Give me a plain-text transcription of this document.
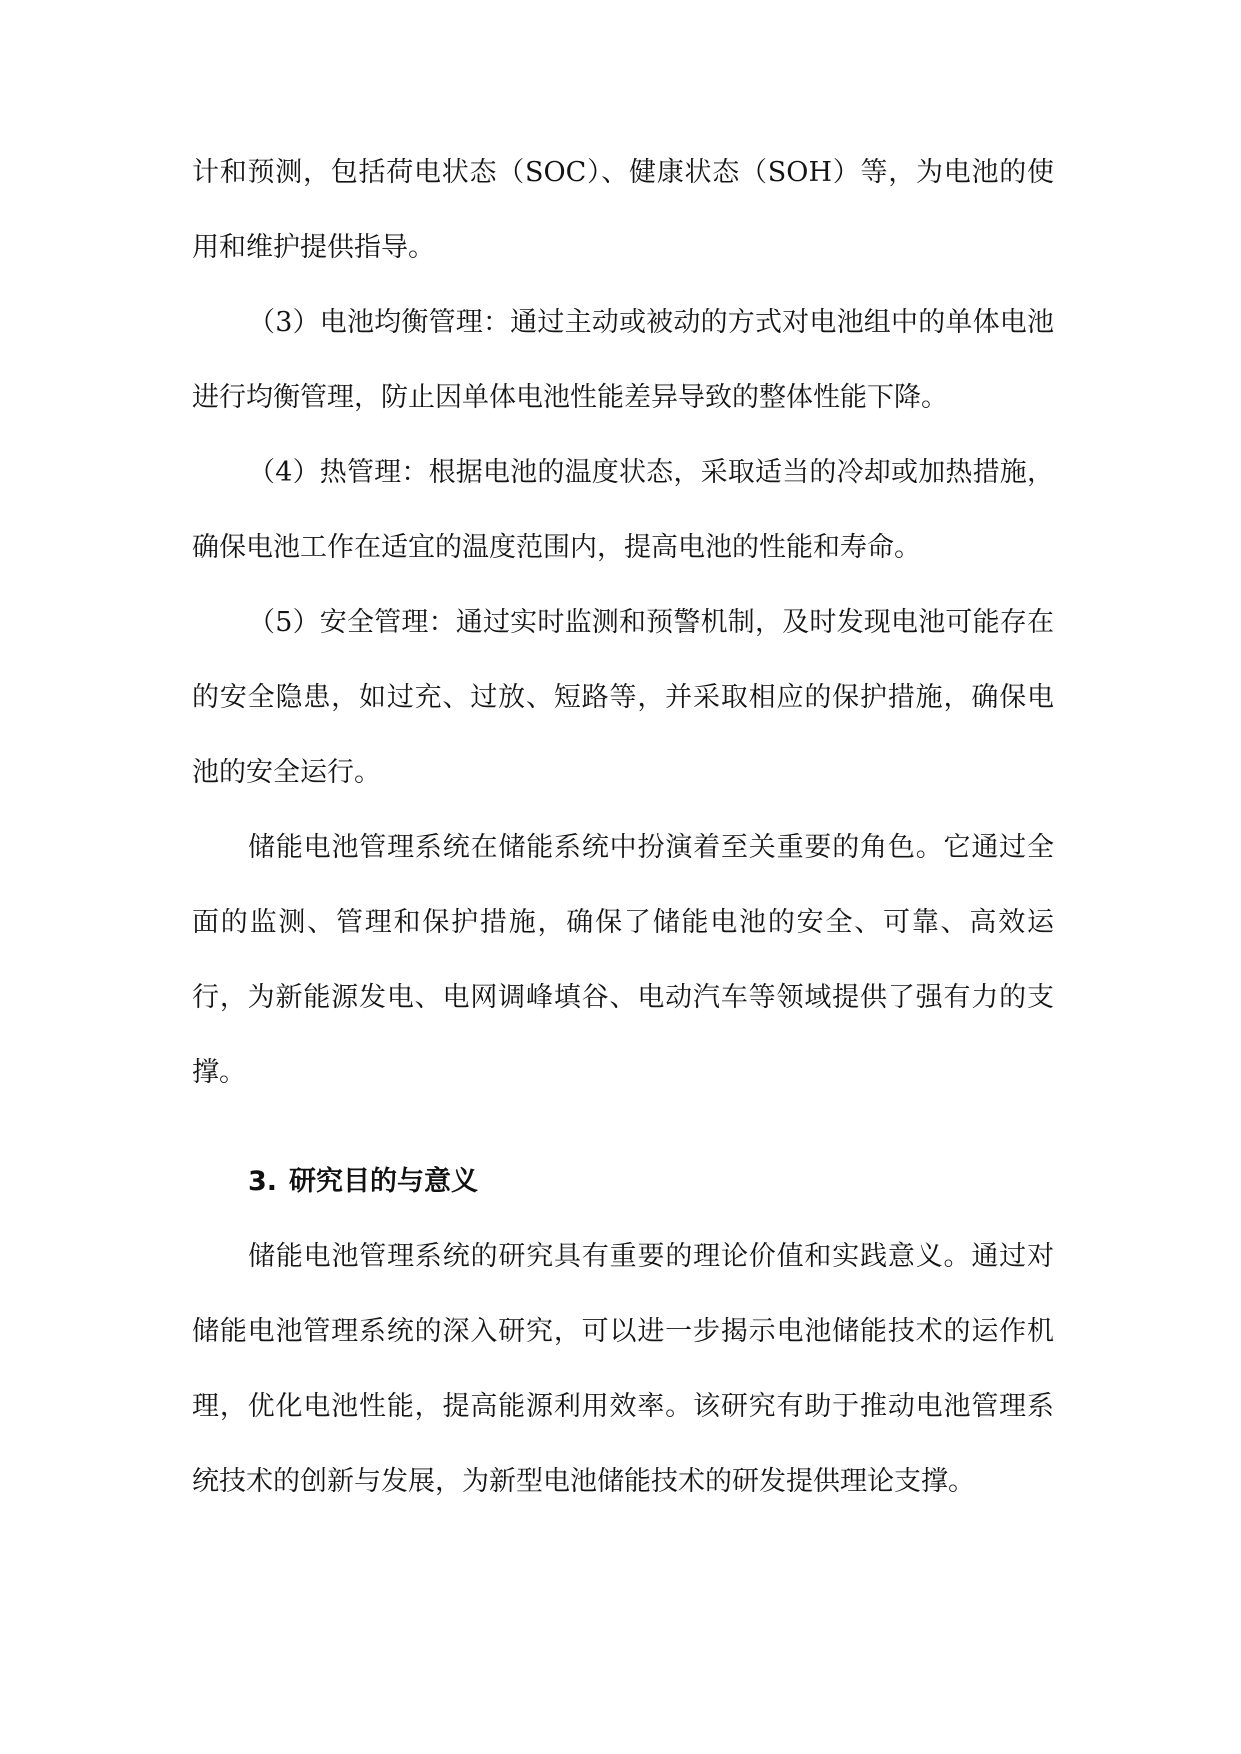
计和预测，包括荷电状态（SOC）、健康状态（SOH）等，为电池的使用和维护提供指导。

（3）电池均衡管理：通过主动或被动的方式对电池组中的单体电池进行均衡管理，防止因单体电池性能差异导致的整体性能下降。

（4）热管理：根据电池的温度状态，采取适当的冷却或加热措施，确保电池工作在适宜的温度范围内，提高电池的性能和寿命。

（5）安全管理：通过实时监测和预警机制，及时发现电池可能存在的安全隐患，如过充、过放、短路等，并采取相应的保护措施，确保电池的安全运行。

储能电池管理系统在储能系统中扮演着至关重要的角色。它通过全面的监测、管理和保护措施，确保了储能电池的安全、可靠、高效运行，为新能源发电、电网调峰填谷、电动汽车等领域提供了强有力的支撑。

3. 研究目的与意义

储能电池管理系统的研究具有重要的理论价值和实践意义。通过对储能电池管理系统的深入研究，可以进一步揭示电池储能技术的运作机理，优化电池性能，提高能源利用效率。该研究有助于推动电池管理系统技术的创新与发展，为新型电池储能技术的研发提供理论支撑。
